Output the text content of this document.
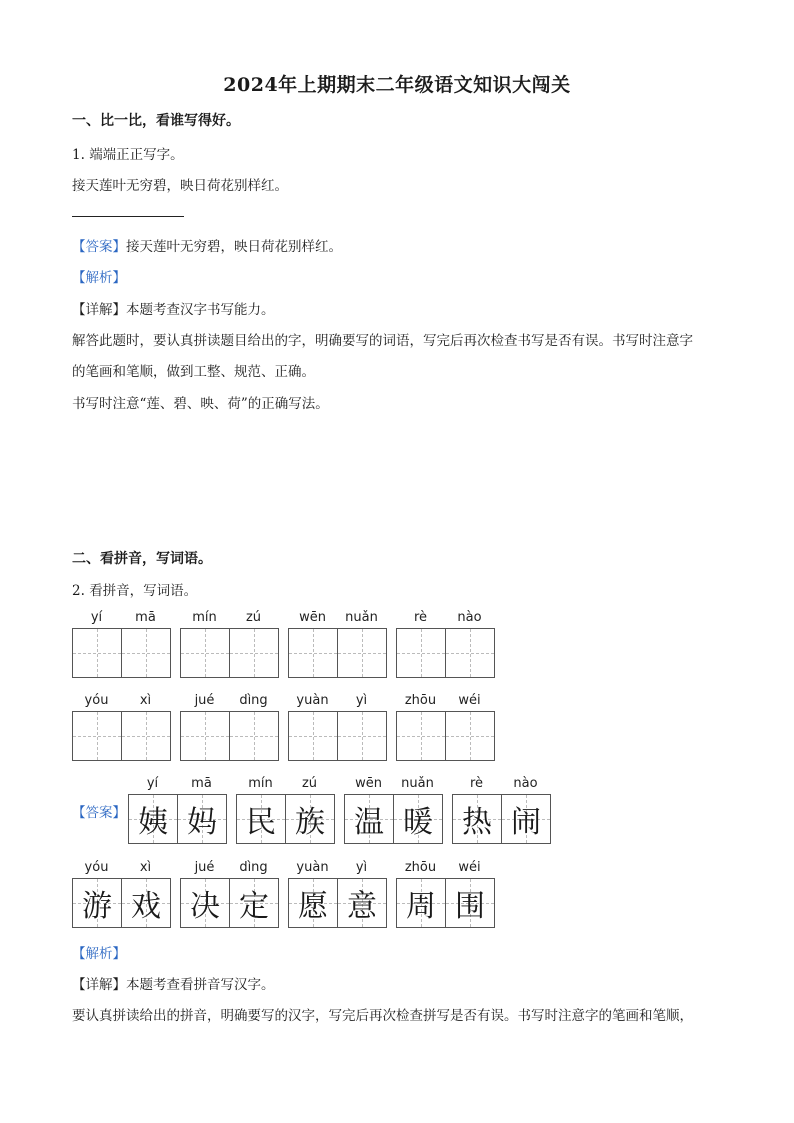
2024年上期期末二年级语文知识大闯关
一、比一比，看谁写得好。
1. 端端正正写字。
接天莲叶无穷碧，映日荷花别样红。
【答案】接天莲叶无穷碧，映日荷花别样红。
【解析】
【详解】本题考查汉字书写能力。
解答此题时，要认真拼读题目给出的字，明确要写的词语，写完后再次检查书写是否有误。书写时注意字
的笔画和笔顺，做到工整、规范、正确。
书写时注意“莲、碧、映、荷”的正确写法。
二、看拼音，写词语。
2. 看拼音，写词语。
yí	mā	mín	zú	wēn	nuǎn	rè	nào
yóu	xì	jué	dìng	yuàn	yì	zhōu	wéi
【答案】
yí	mā
姨 妈
mín	zú
民 族
wēn	nuǎn
温 暖
rè	nào
热 闹
yóu	xì
游 戏
jué	dìng
决 定
yuàn	yì
愿 意
zhōu	wéi
周 围
【解析】
【详解】本题考查看拼音写汉字。
要认真拼读给出的拼音，明确要写的汉字，写完后再次检查拼写是否有误。书写时注意字的笔画和笔顺，
